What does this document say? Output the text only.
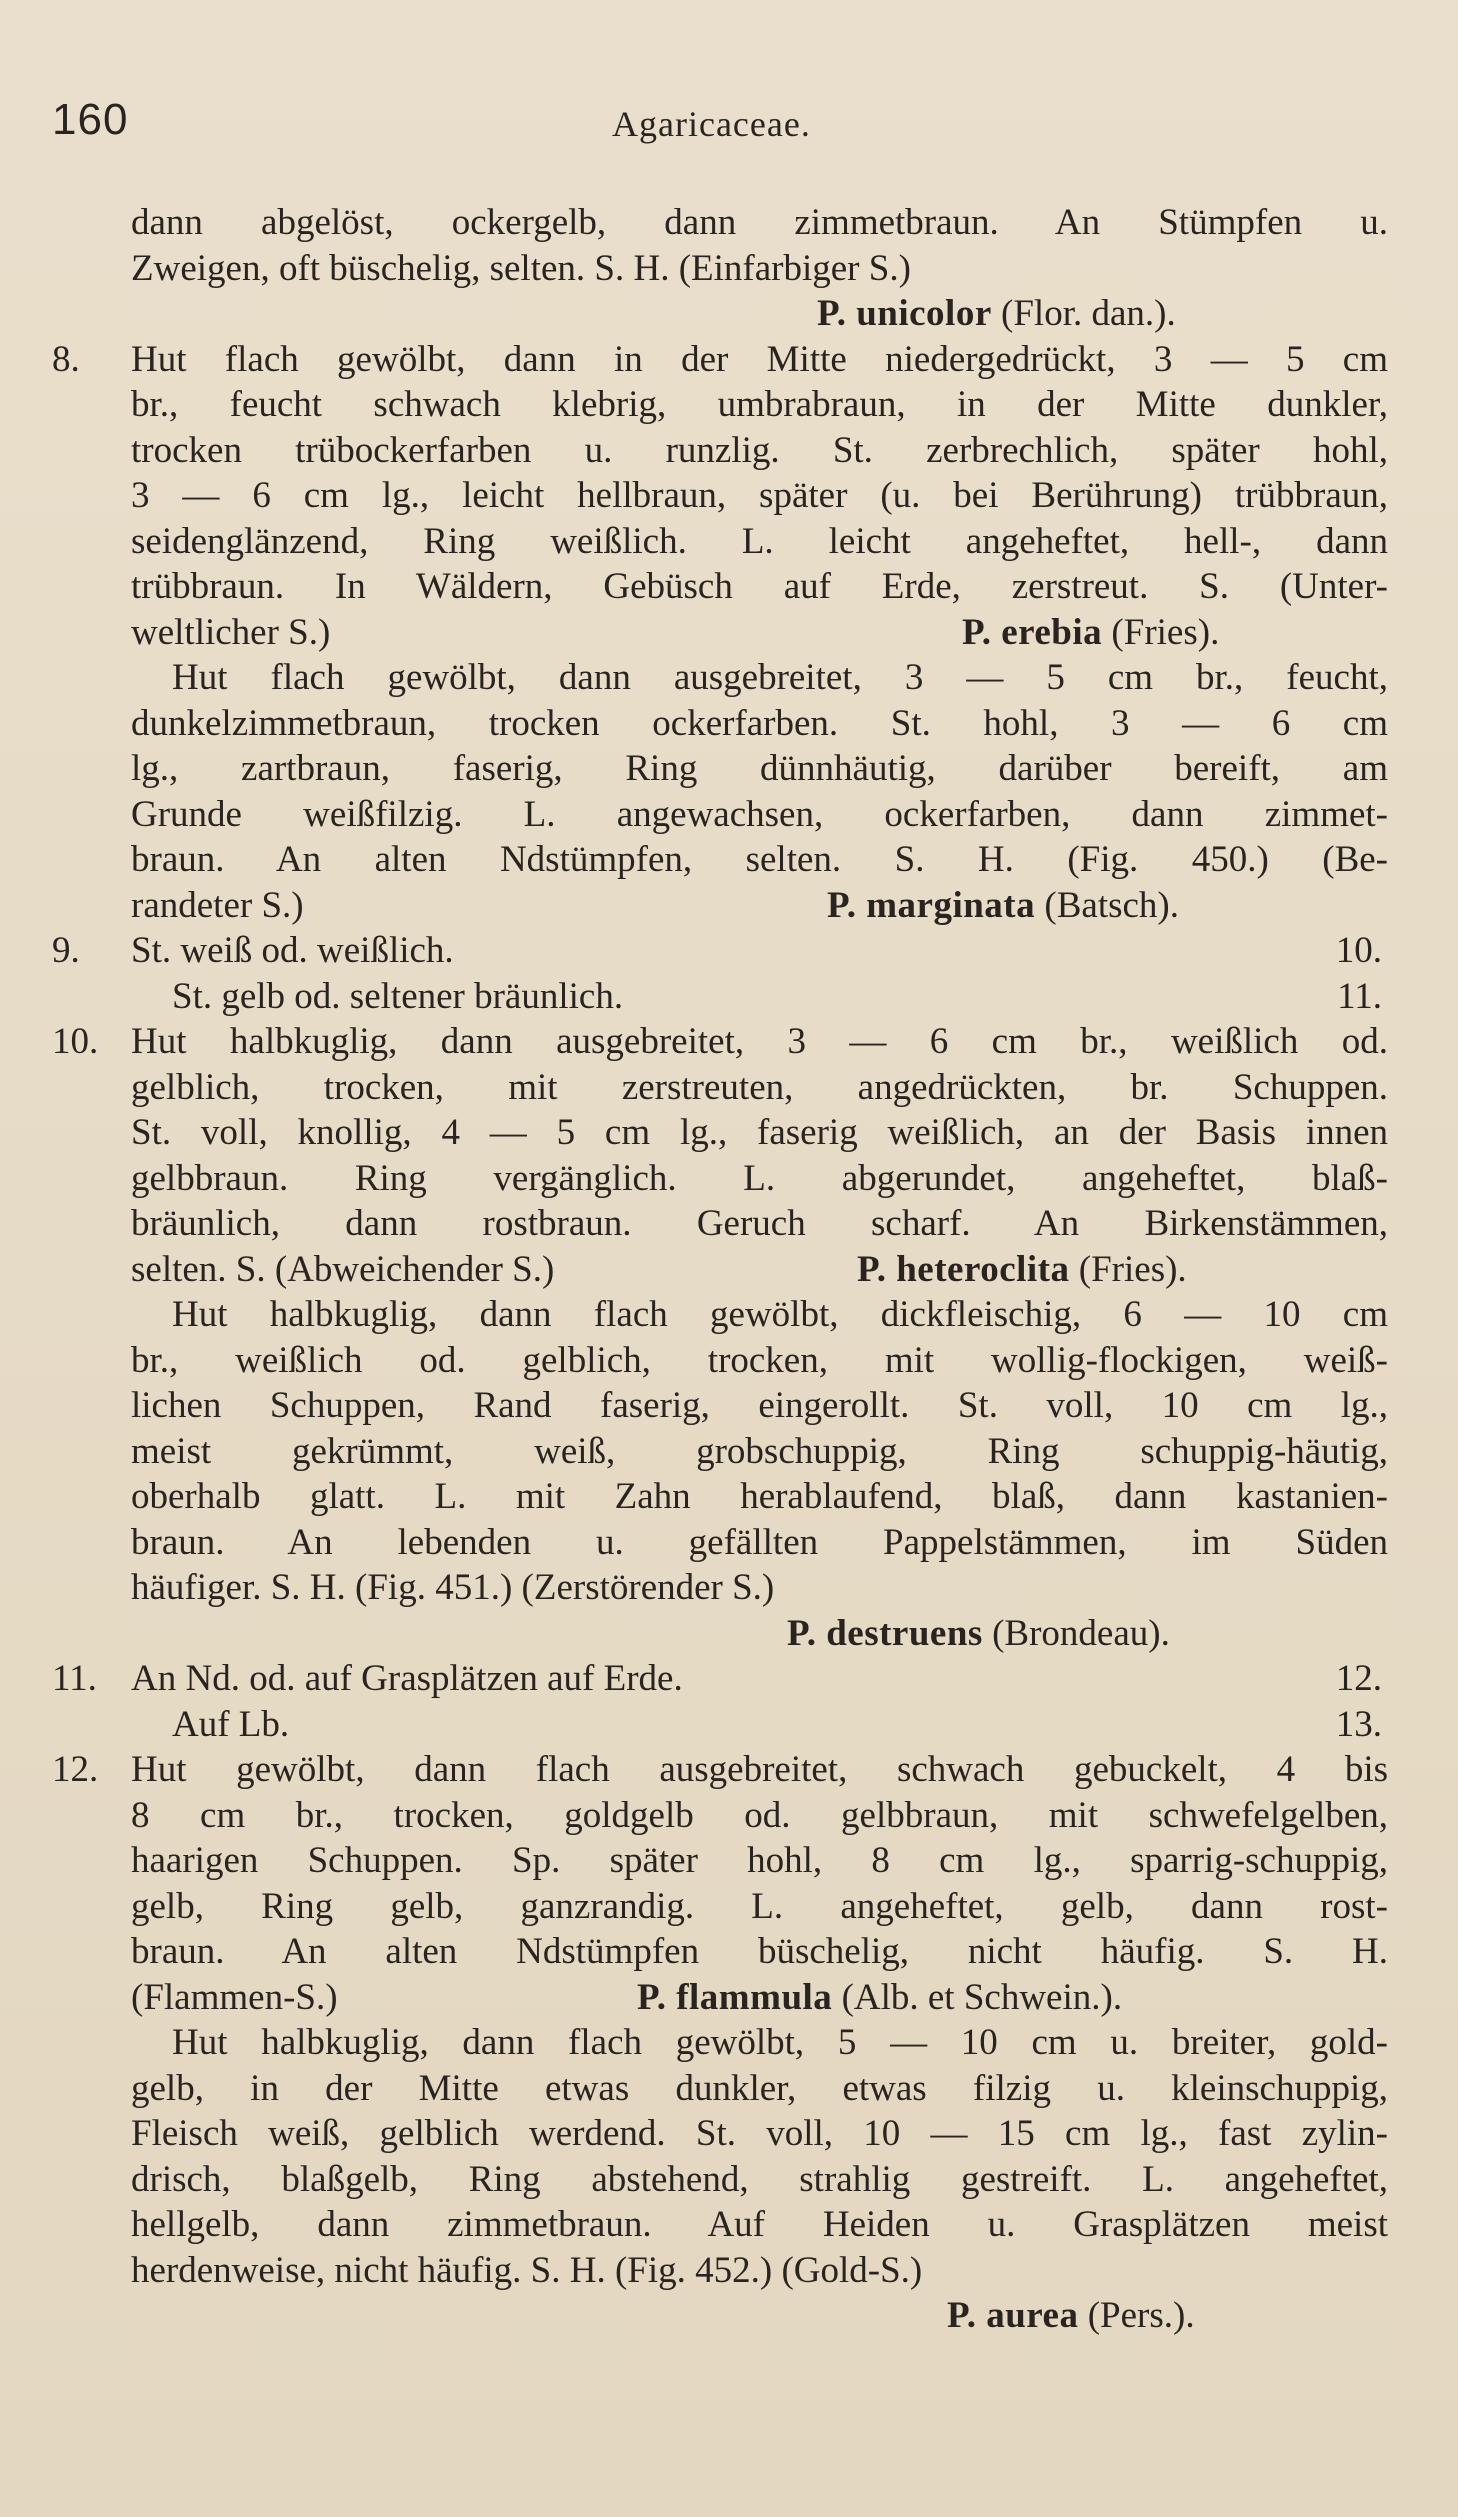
160	Agaricaceae.
dann abgelöst, ockergelb, dann zimmetbraun. An Stümpfen u.
Zweigen, oft büschelig, selten. S. H. (Einfarbiger S.)
P. unicolor (Flor. dan.).
8. Hut flach gewölbt, dann in der Mitte niedergedrückt, 3 — 5 cm
br., feucht schwach klebrig, umbrabraun, in der Mitte dunkler,
trocken trübockerfarben u. runzlig. St. zerbrechlich, später hohl,
3 — 6 cm lg., leicht hellbraun, später (u. bei Berührung) trübbraun,
seidenglänzend, Ring weißlich. L. leicht angeheftet, hell-, dann
trübbraun. In Wäldern, Gebüsch auf Erde, zerstreut. S. (Unter-
weltlicher S.)	P. erebia (Fries).
Hut flach gewölbt, dann ausgebreitet, 3 — 5 cm br., feucht,
dunkelzimmetbraun, trocken ockerfarben. St. hohl, 3 — 6 cm
lg., zartbraun, faserig, Ring dünnhäutig, darüber bereift, am
Grunde weißfilzig. L. angewachsen, ockerfarben, dann zimmet-
braun. An alten Ndstümpfen, selten. S. H. (Fig. 450.) (Be-
randeter S.)	P. marginata (Batsch).
9. St. weiß od. weißlich.	10.
St. gelb od. seltener bräunlich.	11.
10. Hut halbkuglig, dann ausgebreitet, 3 — 6 cm br., weißlich od.
gelblich, trocken, mit zerstreuten, angedrückten, br. Schuppen.
St. voll, knollig, 4 — 5 cm lg., faserig weißlich, an der Basis innen
gelbbraun. Ring vergänglich. L. abgerundet, angeheftet, blaß-
bräunlich, dann rostbraun. Geruch scharf. An Birkenstämmen,
selten. S. (Abweichender S.)	P. heteroclita (Fries).
Hut halbkuglig, dann flach gewölbt, dickfleischig, 6 — 10 cm
br., weißlich od. gelblich, trocken, mit wollig-flockigen, weiß-
lichen Schuppen, Rand faserig, eingerollt. St. voll, 10 cm lg.,
meist gekrümmt, weiß, grobschuppig, Ring schuppig-häutig,
oberhalb glatt. L. mit Zahn herablaufend, blaß, dann kastanien-
braun. An lebenden u. gefällten Pappelstämmen, im Süden
häufiger. S. H. (Fig. 451.) (Zerstörender S.)
P. destruens (Brondeau).
11. An Nd. od. auf Grasplätzen auf Erde.	12.
Auf Lb.	13.
12. Hut gewölbt, dann flach ausgebreitet, schwach gebuckelt, 4 bis
8 cm br., trocken, goldgelb od. gelbbraun, mit schwefelgelben,
haarigen Schuppen. Sp. später hohl, 8 cm lg., sparrig-schuppig,
gelb, Ring gelb, ganzrandig. L. angeheftet, gelb, dann rost-
braun. An alten Ndstümpfen büschelig, nicht häufig. S. H.
(Flammen-S.)	P. flammula (Alb. et Schwein.).
Hut halbkuglig, dann flach gewölbt, 5 — 10 cm u. breiter, gold-
gelb, in der Mitte etwas dunkler, etwas filzig u. kleinschuppig,
Fleisch weiß, gelblich werdend. St. voll, 10 — 15 cm lg., fast zylin-
drisch, blaßgelb, Ring abstehend, strahlig gestreift. L. angeheftet,
hellgelb, dann zimmetbraun. Auf Heiden u. Grasplätzen meist
herdenweise, nicht häufig. S. H. (Fig. 452.) (Gold-S.)
P. aurea (Pers.).
